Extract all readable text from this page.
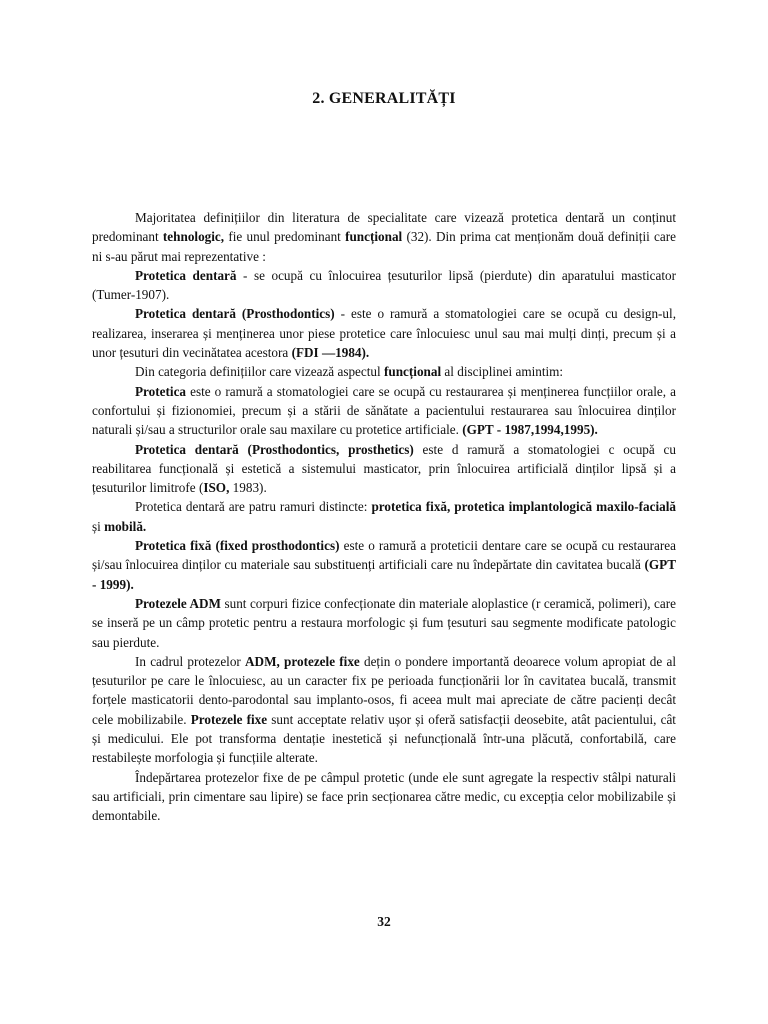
2. GENERALITĂȚI

Majoritatea definițiilor din literatura de specialitate care vizează protetica dentară un conținut predominant tehnologic, fie unul predominant funcțional (32). Din prima cat menționăm două definiții care ni s-au părut mai reprezentative :

Protetica dentară - se ocupă cu înlocuirea țesuturilor lipsă (pierdute) din aparatului masticator (Tumer-1907).

Protetica dentară (Prosthodontics) - este o ramură a stomatologiei care se ocupă cu design-ul, realizarea, inserarea și menținerea unor piese protetice care înlocuiesc unul sau mai mulți dinți, precum și a unor țesuturi din vecinătatea acestora (FDI —1984).

Din categoria definițiilor care vizează aspectul funcțional al disciplinei amintim:

Protetica este o ramură a stomatologiei care se ocupă cu restaurarea și menținerea funcțiilor orale, a confortului și fizionomiei, precum și a stării de sănătate a pacientului restaurarea sau înlocuirea dinților naturali și/sau a structurilor orale sau maxilare cu protetice artificiale. (GPT - 1987,1994,1995).

Protetica dentară (Prosthodontics, prosthetics) este d ramură a stomatologiei c ocupă cu reabilitarea funcțională și estetică a sistemului masticator, prin înlocuirea artificială dinților lipsă și a țesuturilor limitrofe (ISO, 1983).

Protetica dentară are patru ramuri distincte: protetica fixă, protetica implantologică maxilo-facială și mobilă.

Protetica fixă (fixed prosthodontics) este o ramură a proteticii dentare care se ocupă cu restaurarea și/sau înlocuirea dinților cu materiale sau substituenți artificiali care nu îndepărtate din cavitatea bucală (GPT - 1999).

Protezele ADM sunt corpuri fizice confecționate din materiale aloplastice (r ceramică, polimeri), care se inseră pe un câmp protetic pentru a restaura morfologic și fum țesuturi sau segmente modificate patologic sau pierdute.

In cadrul protezelor ADM, protezele fixe dețin o pondere importantă deoarece volum apropiat de al țesuturilor pe care le înlocuiesc, au un caracter fix pe perioada funcționării lor în cavitatea bucală, transmit forțele masticatorii dento-parodontal sau implanto-osos, fi aceea mult mai apreciate de către pacienți decât cele mobilizabile. Protezele fixe sunt acceptate relativ ușor și oferă satisfacții deosebite, atât pacientului, cât și medicului. Ele pot transforma dentație inestetică și nefuncțională într-una plăcută, confortabilă, care restabilește morfologia și funcțiile alterate.

Îndepărtarea protezelor fixe de pe câmpul protetic (unde ele sunt agregate la respectiv stâlpi naturali sau artificiali, prin cimentare sau lipire) se face prin secționarea către medic, cu excepția celor mobilizabile și demontabile.

32
